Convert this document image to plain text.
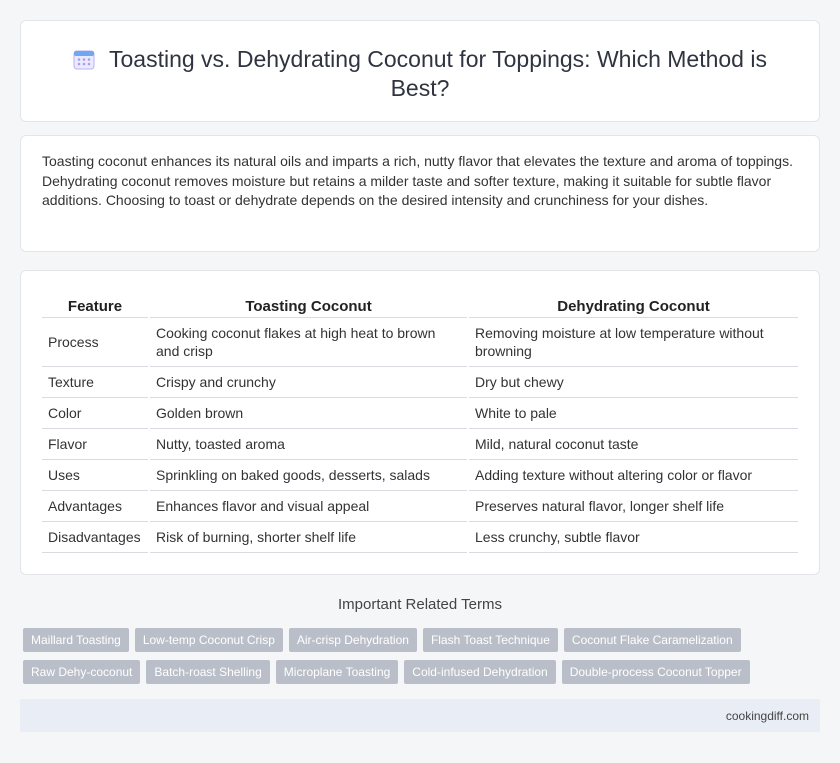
Toasting vs. Dehydrating Coconut for Toppings: Which Method is Best?

Toasting coconut enhances its natural oils and imparts a rich, nutty flavor that elevates the texture and aroma of toppings. Dehydrating coconut removes moisture but retains a milder taste and softer texture, making it suitable for subtle flavor additions. Choosing to toast or dehydrate depends on the desired intensity and crunchiness for your dishes.

Feature	Toasting Coconut	Dehydrating Coconut
Process	Cooking coconut flakes at high heat to brown and crisp	Removing moisture at low temperature without browning
Texture	Crispy and crunchy	Dry but chewy
Color	Golden brown	White to pale
Flavor	Nutty, toasted aroma	Mild, natural coconut taste
Uses	Sprinkling on baked goods, desserts, salads	Adding texture without altering color or flavor
Advantages	Enhances flavor and visual appeal	Preserves natural flavor, longer shelf life
Disadvantages	Risk of burning, shorter shelf life	Less crunchy, subtle flavor
Important Related Terms
Maillard Toasting	Low-temp Coconut Crisp	Air-crisp Dehydration	Flash Toast Technique	Coconut Flake Caramelization
Raw Dehy-coconut	Batch-roast Shelling	Microplane Toasting	Cold-infused Dehydration	Double-process Coconut Topper
cookingdiff.com
